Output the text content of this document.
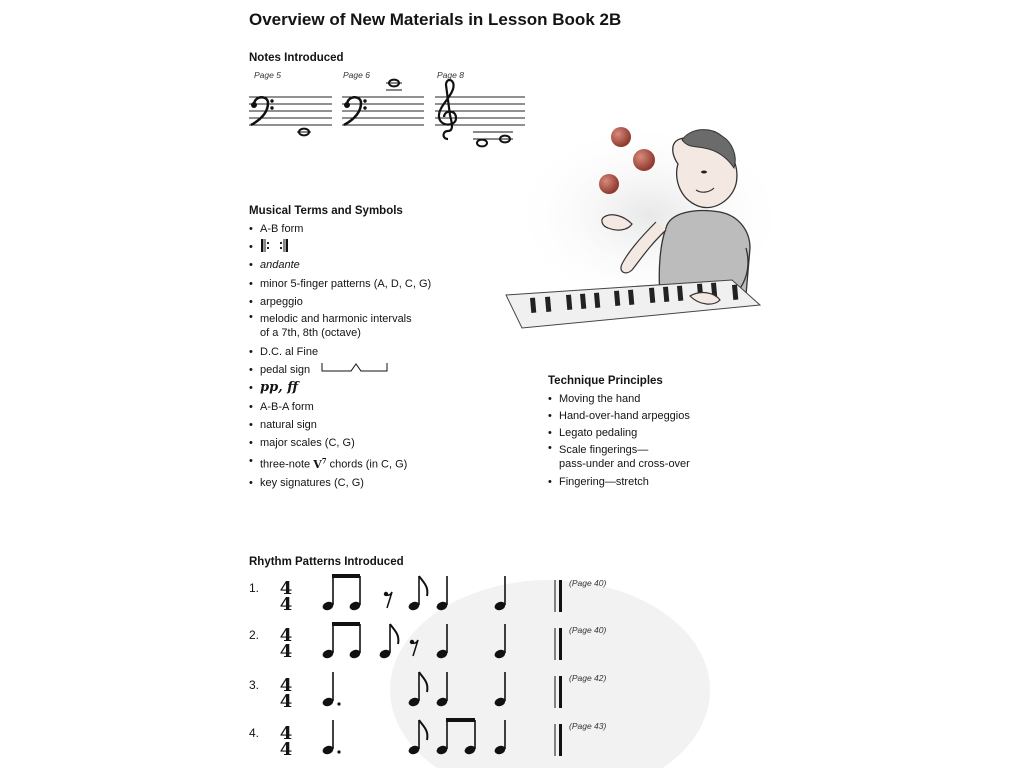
Overview of New Materials in Lesson Book 2B
Notes Introduced
Page 5	Page 6	Page 8
Musical Terms and Symbols
• A-B form
•
• andante
• minor 5-finger patterns (A, D, C, G)
• arpeggio
• melodic and harmonic intervals
of a 7th, 8th (octave)
• D.C. al Fine
• pedal sign
• pp, ff
• A-B-A form
• natural sign
• major scales (C, G)
• three-note $V^7$ chords (in C, G)
• key signatures (C, G)
Technique Principles
• Moving the hand
• Hand-over-hand arpeggios
• Legato pedaling
• Scale fingerings—
pass-under and cross-over
• Fingering—stretch
Rhythm Patterns Introduced
1. 4
4
(Page 40)
2. 4
4
(Page 40)
3. 4
4
(Page 42)
4. 4
4
(Page 43)
